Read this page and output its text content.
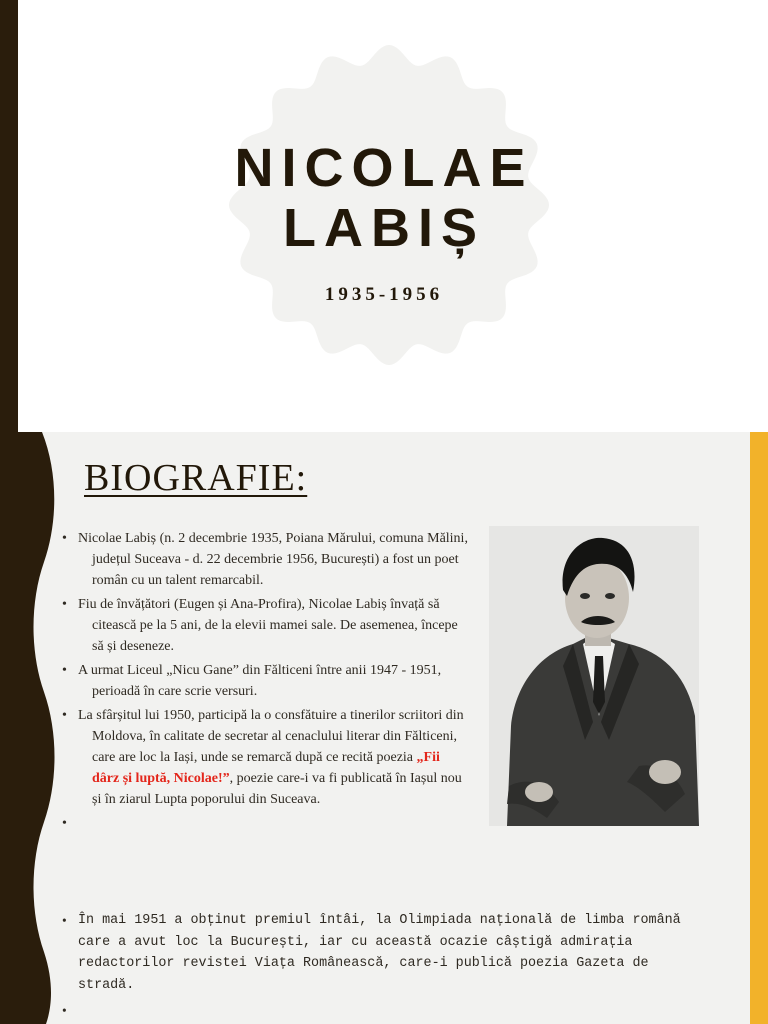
NICOLAE
LABIȘ
1935-1956
BIOGRAFIE:
• Nicolae Labiș (n. 2 decembrie 1935, Poiana Mărului, comuna Mălini, județul Suceava - d. 22 decembrie 1956, București) a fost un poet român cu un talent remarcabil.
• Fiu de învățători (Eugen și Ana-Profira), Nicolae Labiș învață să citească pe la 5 ani, de la elevii mamei sale. De asemenea, începe să și deseneze.
• A urmat Liceul „Nicu Gane” din Fălticeni între anii 1947 - 1951, perioadă în care scrie versuri.
• La sfârșitul lui 1950, participă la o consfătuire a tinerilor scriitori din Moldova, în calitate de secretar al cenaclului literar din Fălticeni, care are loc la Iași, unde se remarcă după ce recită poezia „Fii dârz și luptă, Nicolae!”, poezie care-i va fi publicată în Iașul nou și în ziarul Lupta poporului din Suceava.
•
• În mai 1951 a obținut premiul întâi, la Olimpiada națională de limba română care a avut loc la București, iar cu această ocazie câștigă admirația redactorilor revistei Viața Românească, care-i publică poezia Gazeta de stradă.
•
